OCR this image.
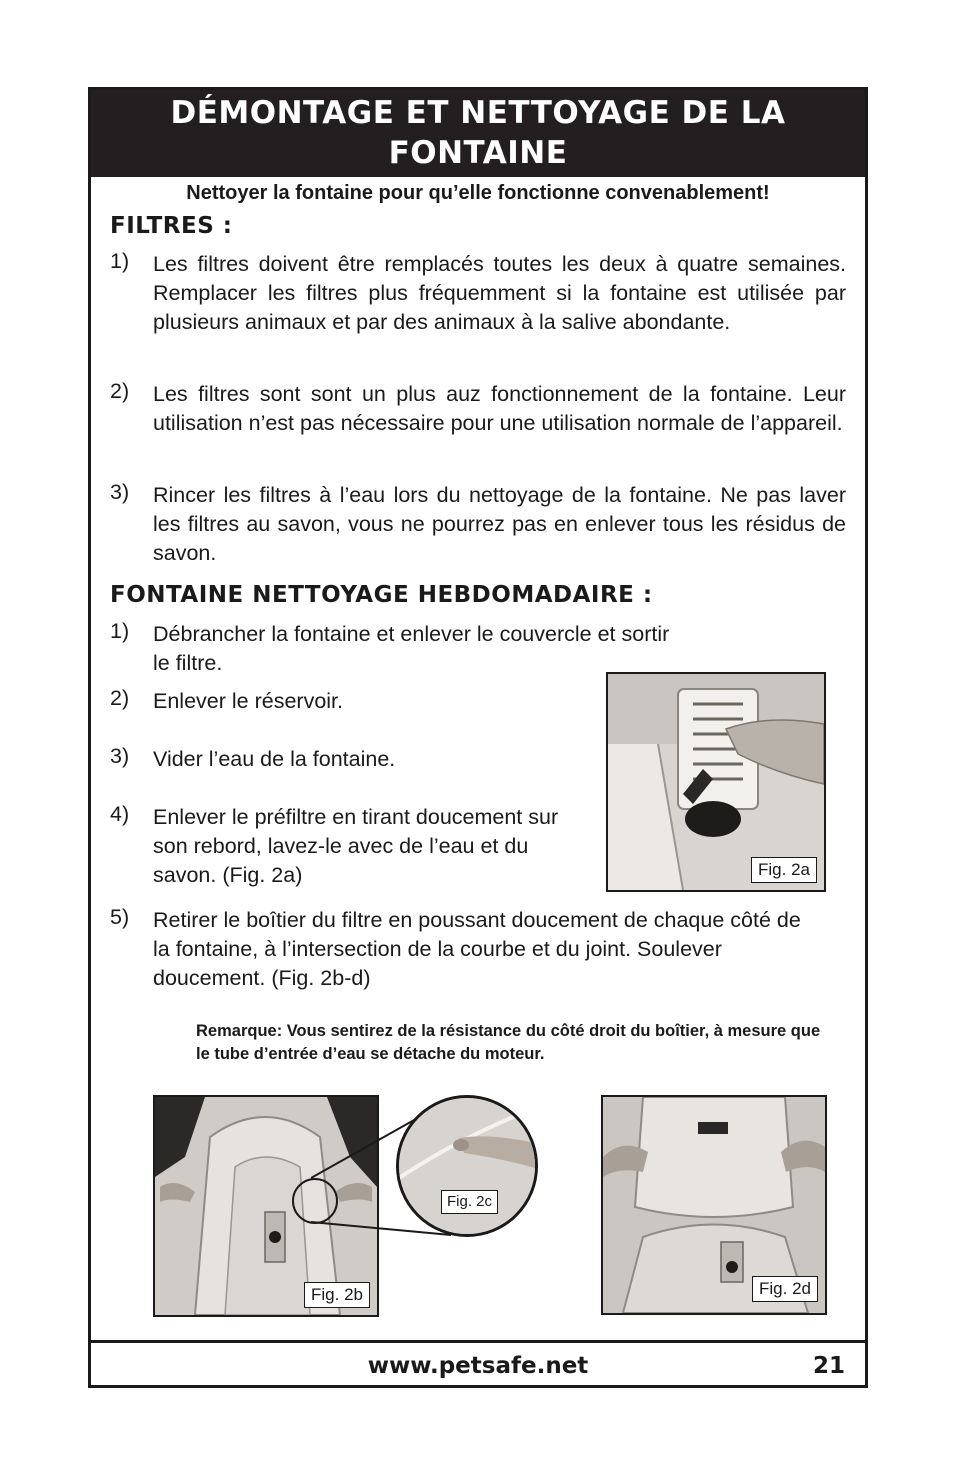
DÉMONTAGE ET NETTOYAGE DE LA
FONTAINE
Nettoyer la fontaine pour qu’elle fonctionne convenablement!
FILTRES :
1)	Les filtres doivent être remplacés toutes les deux à quatre semaines. Remplacer les filtres plus fréquemment si la fontaine est utilisée par plusieurs animaux et par des animaux à la salive abondante.
2)	Les filtres sont sont un plus auz fonctionnement de la fontaine. Leur utilisation n’est pas nécessaire pour une utilisation normale de l’appareil.
3)	Rincer les filtres à l’eau lors du nettoyage de la fontaine. Ne pas laver les filtres au savon, vous ne pourrez pas en enlever tous les résidus de savon.
FONTAINE NETTOYAGE HEBDOMADAIRE :
1)	Débrancher la fontaine et enlever le couvercle et sortir le filtre.
2)	Enlever le réservoir.
3)	Vider l’eau de la fontaine.
4)	Enlever le préfiltre en tirant doucement sur son rebord, lavez-le avec de l’eau et du savon. (Fig. 2a)
5)	Retirer le boîtier du filtre en poussant doucement de chaque côté de la fontaine, à l’intersection de la courbe et du joint. Soulever doucement. (Fig. 2b-d)
Remarque: Vous sentirez de la résistance du côté droit du boîtier, à mesure que le tube d’entrée d’eau se détache du moteur.
Fig. 2a
Fig. 2b
Fig. 2c
Fig. 2d
www.petsafe.net	21
